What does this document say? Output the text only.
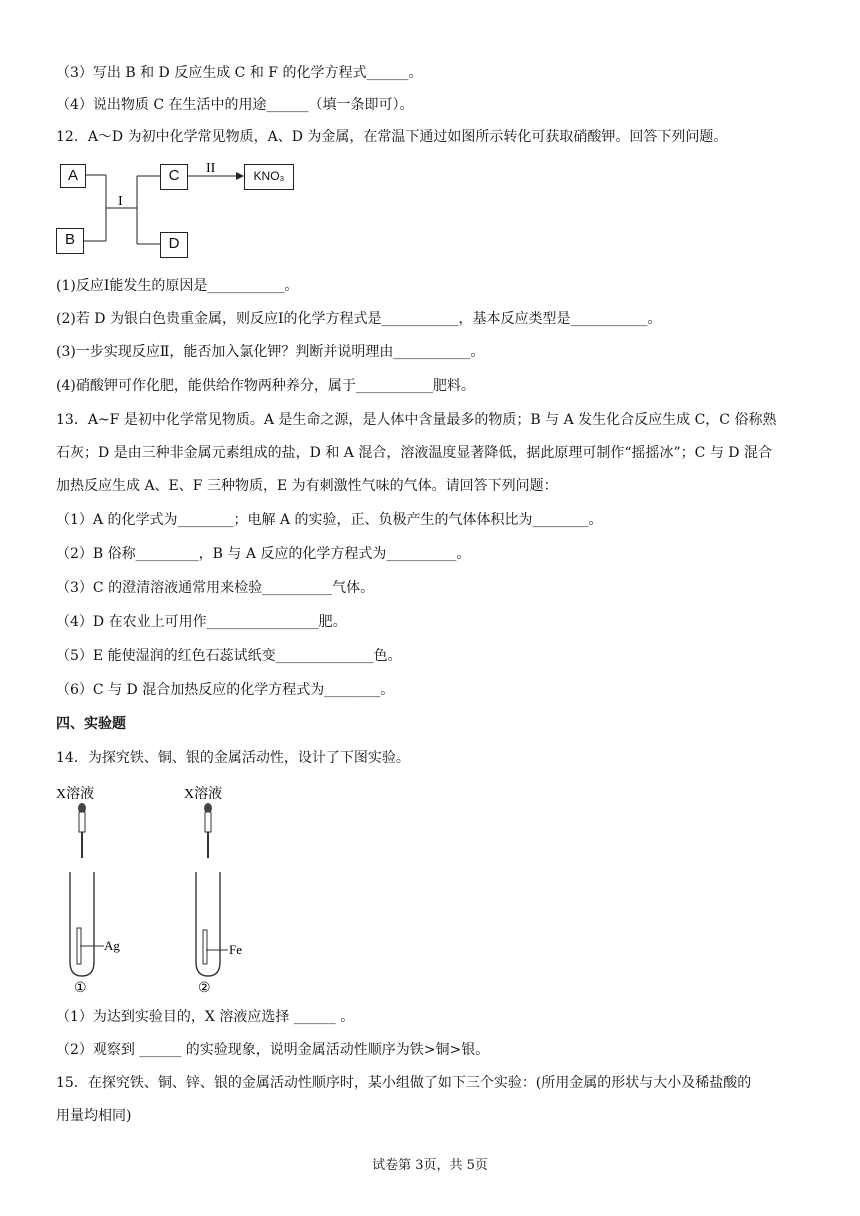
（3）写出 B 和 D 反应生成 C 和 F 的化学方程式______。
（4）说出物质 C 在生活中的用途______（填一条即可）。
12．A～D 为初中化学常见物质，A、D 为金属，在常温下通过如图所示转化可获取硝酸钾。回答下列问题。
A
B
C
D
KNO₃
I
II
(1)反应Ⅰ能发生的原因是___________。
(2)若 D 为银白色贵重金属，则反应Ⅰ的化学方程式是___________，基本反应类型是___________。
(3)一步实现反应Ⅱ，能否加入氯化钾？判断并说明理由___________。
(4)硝酸钾可作化肥，能供给作物两种养分，属于___________肥料。
13．A~F 是初中化学常见物质。A 是生命之源，是人体中含量最多的物质；B 与 A 发生化合反应生成 C，C 俗称熟
石灰；D 是由三种非金属元素组成的盐，D 和 A 混合，溶液温度显著降低，据此原理可制作“摇摇冰”；C 与 D 混合
加热反应生成 A、E、F 三种物质，E 为有刺激性气味的气体。请回答下列问题：
（1）A 的化学式为________；电解 A 的实验，正、负极产生的气体体积比为________。
（2）B 俗称_________，B 与 A 反应的化学方程式为__________。
（3）C 的澄清溶液通常用来检验__________气体。
（4）D 在农业上可用作________________肥。
（5）E 能使湿润的红色石蕊试纸变______________色。
（6）C 与 D 混合加热反应的化学方程式为________。
四、实验题
14．为探究铁、铜、银的金属活动性，设计了下图实验。
X溶液
Ag
①
X溶液
Fe
②
（1）为达到实验目的，X 溶液应选择 ______ 。
（2）观察到 ______ 的实验现象，说明金属活动性顺序为铁>铜>银。
15．在探究铁、铜、锌、银的金属活动性顺序时，某小组做了如下三个实验：(所用金属的形状与大小及稀盐酸的
用量均相同)
试卷第 3页，共 5页
